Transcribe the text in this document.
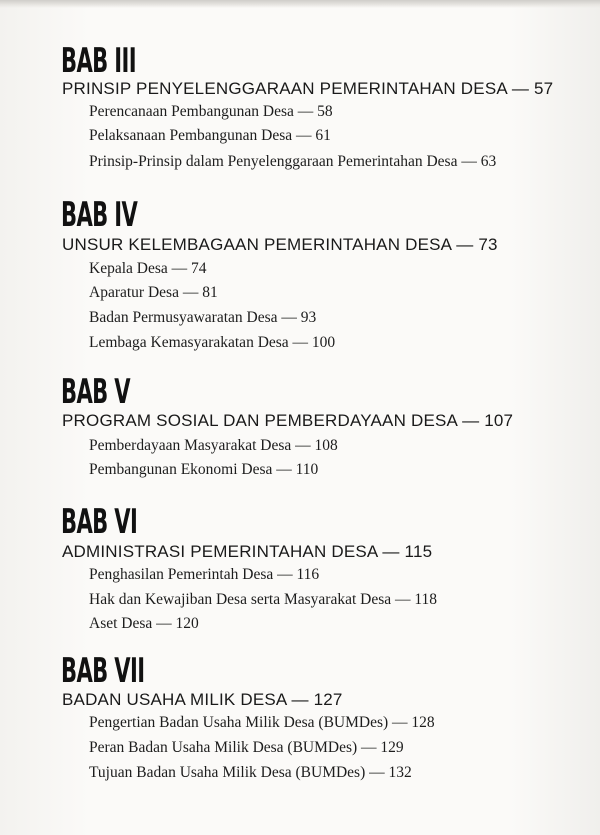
BAB III
PRINSIP PENYELENGGARAAN PEMERINTAHAN DESA — 57
Perencanaan Pembangunan Desa — 58
Pelaksanaan Pembangunan Desa — 61
Prinsip-Prinsip dalam Penyelenggaraan Pemerintahan Desa — 63
BAB IV
UNSUR KELEMBAGAAN PEMERINTAHAN DESA — 73
Kepala Desa — 74
Aparatur Desa — 81
Badan Permusyawaratan Desa — 93
Lembaga Kemasyarakatan Desa — 100
BAB V
PROGRAM SOSIAL DAN PEMBERDAYAAN DESA — 107
Pemberdayaan Masyarakat Desa — 108
Pembangunan Ekonomi Desa — 110
BAB VI
ADMINISTRASI PEMERINTAHAN DESA — 115
Penghasilan Pemerintah Desa — 116
Hak dan Kewajiban Desa serta Masyarakat Desa — 118
Aset Desa — 120
BAB VII
BADAN USAHA MILIK DESA — 127
Pengertian Badan Usaha Milik Desa (BUMDes) — 128
Peran Badan Usaha Milik Desa (BUMDes) — 129
Tujuan Badan Usaha Milik Desa (BUMDes) — 132
